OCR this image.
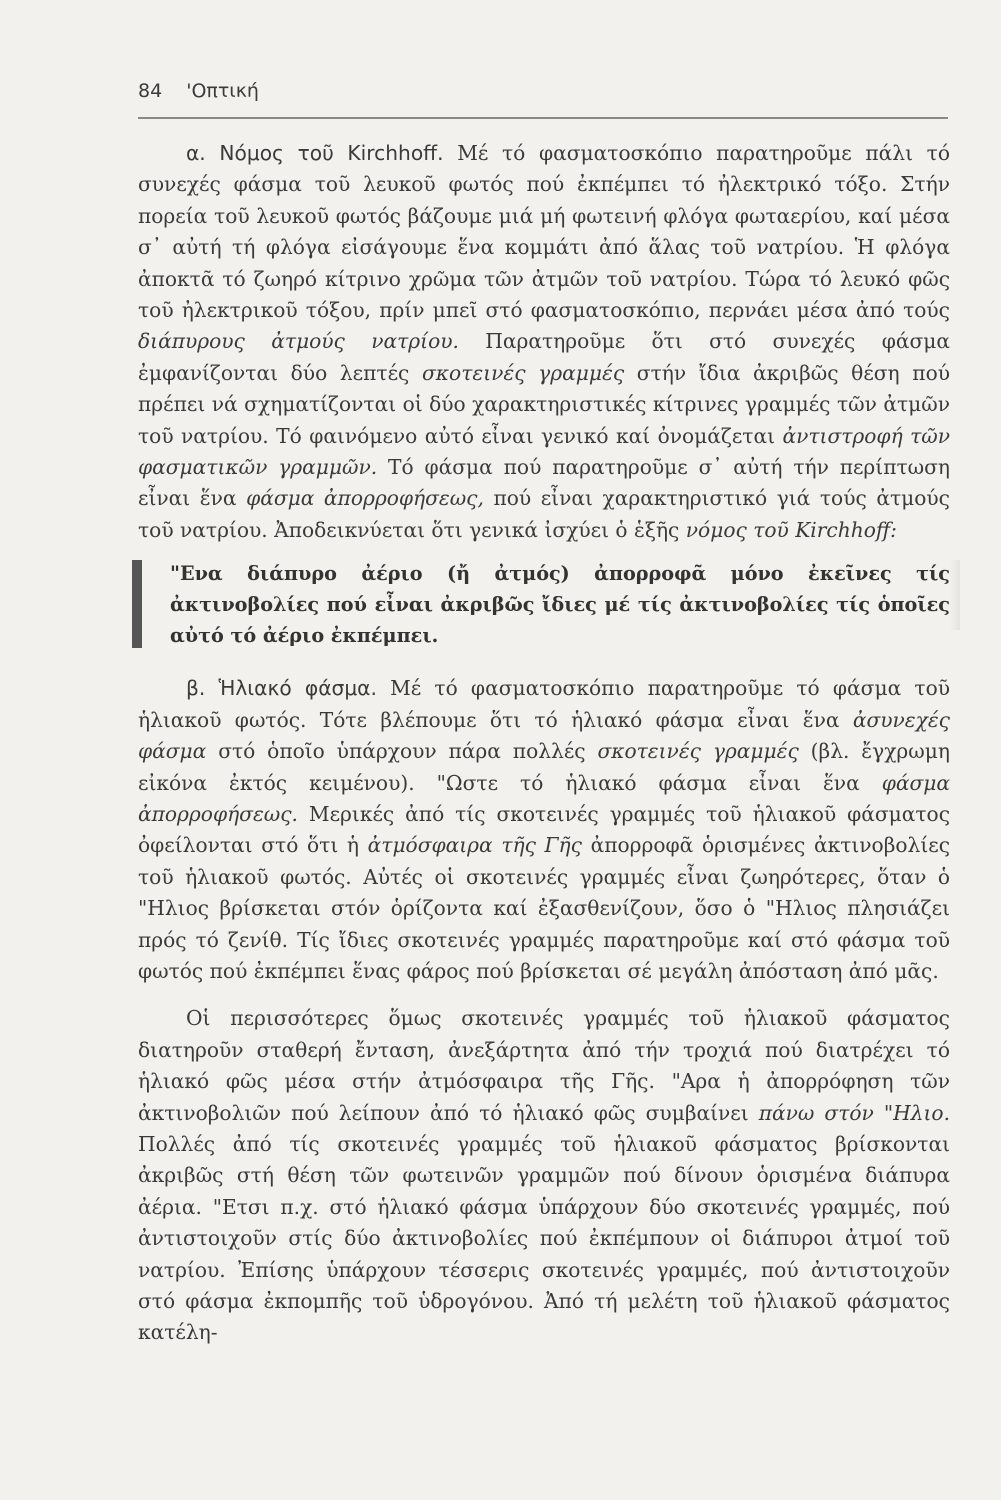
84 'Οπτική

α. Νόμος τοῦ Kirchhoff. Μέ τό φασματοσκόπιο παρατηροῦμε πάλι τό συνεχές φάσμα τοῦ λευκοῦ φωτός πού ἐκπέμπει τό ἠλεκτρικό τόξο. Στήν πορεία τοῦ λευκοῦ φωτός βάζουμε μιά μή φωτεινή φλόγα φωταερίου, καί μέσα σ᾽ αὐτή τή φλόγα εἰσάγουμε ἕνα κομμάτι ἀπό ἅλας τοῦ νατρίου. Ἡ φλόγα ἀποκτᾶ τό ζωηρό κίτρινο χρῶμα τῶν ἀτμῶν τοῦ νατρίου. Τώρα τό λευκό φῶς τοῦ ἠλεκτρικοῦ τόξου, πρίν μπεῖ στό φασματοσκόπιο, περνάει μέσα ἀπό τούς διάπυρους ἀτμούς νατρίου. Παρατηροῦμε ὅτι στό συνεχές φάσμα ἐμφανίζονται δύο λεπτές σκοτεινές γραμμές στήν ἴδια ἀκριβῶς θέση πού πρέπει νά σχηματίζονται οἱ δύο χαρακτηριστικές κίτρινες γραμμές τῶν ἀτμῶν τοῦ νατρίου. Τό φαινόμενο αὐτό εἶναι γενικό καί ὀνομάζεται ἀντιστροφή τῶν φασματικῶν γραμμῶν. Τό φάσμα πού παρατηροῦμε σ᾽ αὐτή τήν περίπτωση εἶναι ἕνα φάσμα ἀπορροφήσεως, πού εἶναι χαρακτηριστικό γιά τούς ἀτμούς τοῦ νατρίου. Ἀποδεικνύεται ὅτι γενικά ἰσχύει ὁ ἑξῆς νόμος τοῦ Kirchhoff:

"Ενα διάπυρο ἀέριο (ἤ ἀτμός) ἀπορροφᾶ μόνο ἐκεῖνες τίς ἀκτινοβολίες πού εἶναι ἀκριβῶς ἴδιες μέ τίς ἀκτινοβολίες τίς ὁποῖες αὐτό τό ἀέριο ἐκπέμπει.

β. Ἡλιακό φάσμα. Μέ τό φασματοσκόπιο παρατηροῦμε τό φάσμα τοῦ ἡλιακοῦ φωτός. Τότε βλέπουμε ὅτι τό ἡλιακό φάσμα εἶναι ἕνα ἀσυνεχές φάσμα στό ὁποῖο ὑπάρχουν πάρα πολλές σκοτεινές γραμμές (βλ. ἔγχρωμη εἰκόνα ἐκτός κειμένου). "Ωστε τό ἡλιακό φάσμα εἶναι ἕνα φάσμα ἀπορροφήσεως. Μερικές ἀπό τίς σκοτεινές γραμμές τοῦ ἡλιακοῦ φάσματος ὀφείλονται στό ὅτι ἡ ἀτμόσφαιρα τῆς Γῆς ἀπορροφᾶ ὁρισμένες ἀκτινοβολίες τοῦ ἡλιακοῦ φωτός. Αὐτές οἱ σκοτεινές γραμμές εἶναι ζωηρότερες, ὅταν ὁ "Ηλιος βρίσκεται στόν ὁρίζοντα καί ἐξασθενίζουν, ὅσο ὁ "Ηλιος πλησιάζει πρός τό ζενίθ. Τίς ἴδιες σκοτεινές γραμμές παρατηροῦμε καί στό φάσμα τοῦ φωτός πού ἐκπέμπει ἕνας φάρος πού βρίσκεται σέ μεγάλη ἀπόσταση ἀπό μᾶς.

Οἱ περισσότερες ὅμως σκοτεινές γραμμές τοῦ ἡλιακοῦ φάσματος διατηροῦν σταθερή ἔνταση, ἀνεξάρτητα ἀπό τήν τροχιά πού διατρέχει τό ἡλιακό φῶς μέσα στήν ἀτμόσφαιρα τῆς Γῆς. "Αρα ἡ ἀπορρόφηση τῶν ἀκτινοβολιῶν πού λείπουν ἀπό τό ἡλιακό φῶς συμβαίνει πάνω στόν "Ηλιο. Πολλές ἀπό τίς σκοτεινές γραμμές τοῦ ἡλιακοῦ φάσματος βρίσκονται ἀκριβῶς στή θέση τῶν φωτεινῶν γραμμῶν πού δίνουν ὁρισμένα διάπυρα ἀέρια. "Ετσι π.χ. στό ἡλιακό φάσμα ὑπάρχουν δύο σκοτεινές γραμμές, πού ἀντιστοιχοῦν στίς δύο ἀκτινοβολίες πού ἐκπέμπουν οἱ διάπυροι ἀτμοί τοῦ νατρίου. Ἐπίσης ὑπάρχουν τέσσερις σκοτεινές γραμμές, πού ἀντιστοιχοῦν στό φάσμα ἐκπομπῆς τοῦ ὑδρογόνου. Ἀπό τή μελέτη τοῦ ἡλιακοῦ φάσματος κατέλη-
